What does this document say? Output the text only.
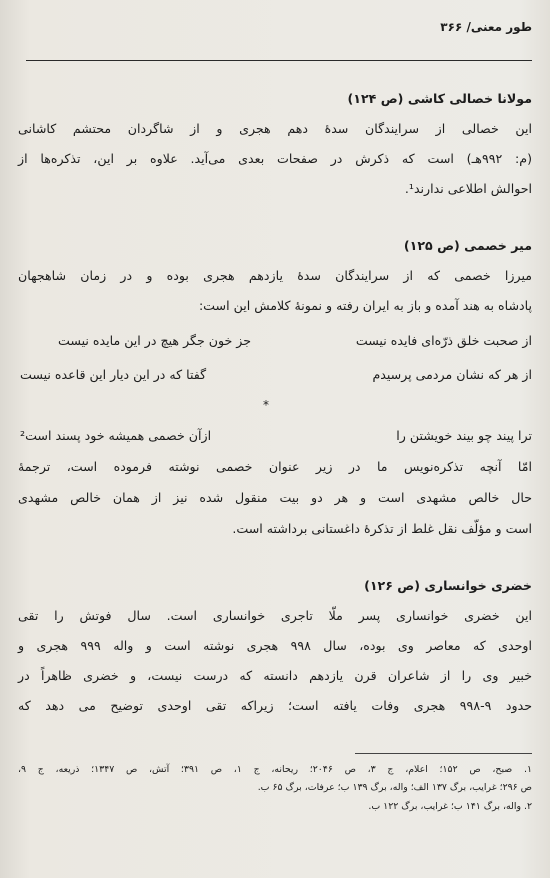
طور معنی/ ۳۶۶
مولانا خصالی کاشی (ص ۱۲۴)
این خصالی از سرایندگان سدهٔ دهم هجری و از شاگردان محتشم کاشانی
(م: ۹۹۲هـ) است که ذکرش در صفحات بعدی می‌آید. علاوه بر این، تذکره‌ها از
احوالش اطلاعی ندارند¹.
میر خصمی (ص ۱۲۵)
میرزا خصمی که از سرایندگان سدهٔ یازدهم هجری بوده و در زمان شاهجهان
پادشاه به هند آمده و باز به ایران رفته و نمونهٔ کلامش این است:
از صحبت خلق ذرّه‌ای فایده نیست
جز خون جگر هیچ در این مایده نیست
از هر که نشان مردمی پرسیدم
گفتا که در این دیار این قاعده نیست
*
ترا پیند چو بیند خویشتن را
ازآن خصمی همیشه خود پسند است²
امّا آنچه تذکره‌نویس ما در زیر عنوان خصمی نوشته فرموده است، ترجمهٔ
حال خالص مشهدی است و هر دو بیت منقول شده نیز از همان خالص مشهدی
است و مؤلّف نقل غلط از تذکرهٔ داغستانی برداشته است.
خضری خوانساری (ص ۱۲۶)
این خضری خوانساری پسر ملّا تاجری خوانساری است. سال فوتش را تقی
اوحدی که معاصر وی بوده، سال ۹۹۸ هجری نوشته است و واله ۹۹۹ هجری و
خبیر وی را از شاعران قرن یازدهم دانسته که درست نیست، و خضری ظاهراً در
حدود ۹-۹۹۸ هجری وفات یافته است؛ زیراکه تقی اوحدی توضیح می دهد که
۱. صبح، ص ۱۵۲؛ اعلام، ج ۳، ص ۲۰۴۶؛ ریحانه، ج ۱، ص ۳۹۱؛ آتش، ص ۱۳۴۷؛ ذریعه، ج ۹،
ص ۲۹۶؛ غرایب، برگ ۱۳۷ الف؛ واله، برگ ۱۳۹ ب؛ عرفات، برگ ۶۵ ب.
۲. واله، برگ ۱۴۱ ب؛ غرایب، برگ ۱۲۲ ب.
